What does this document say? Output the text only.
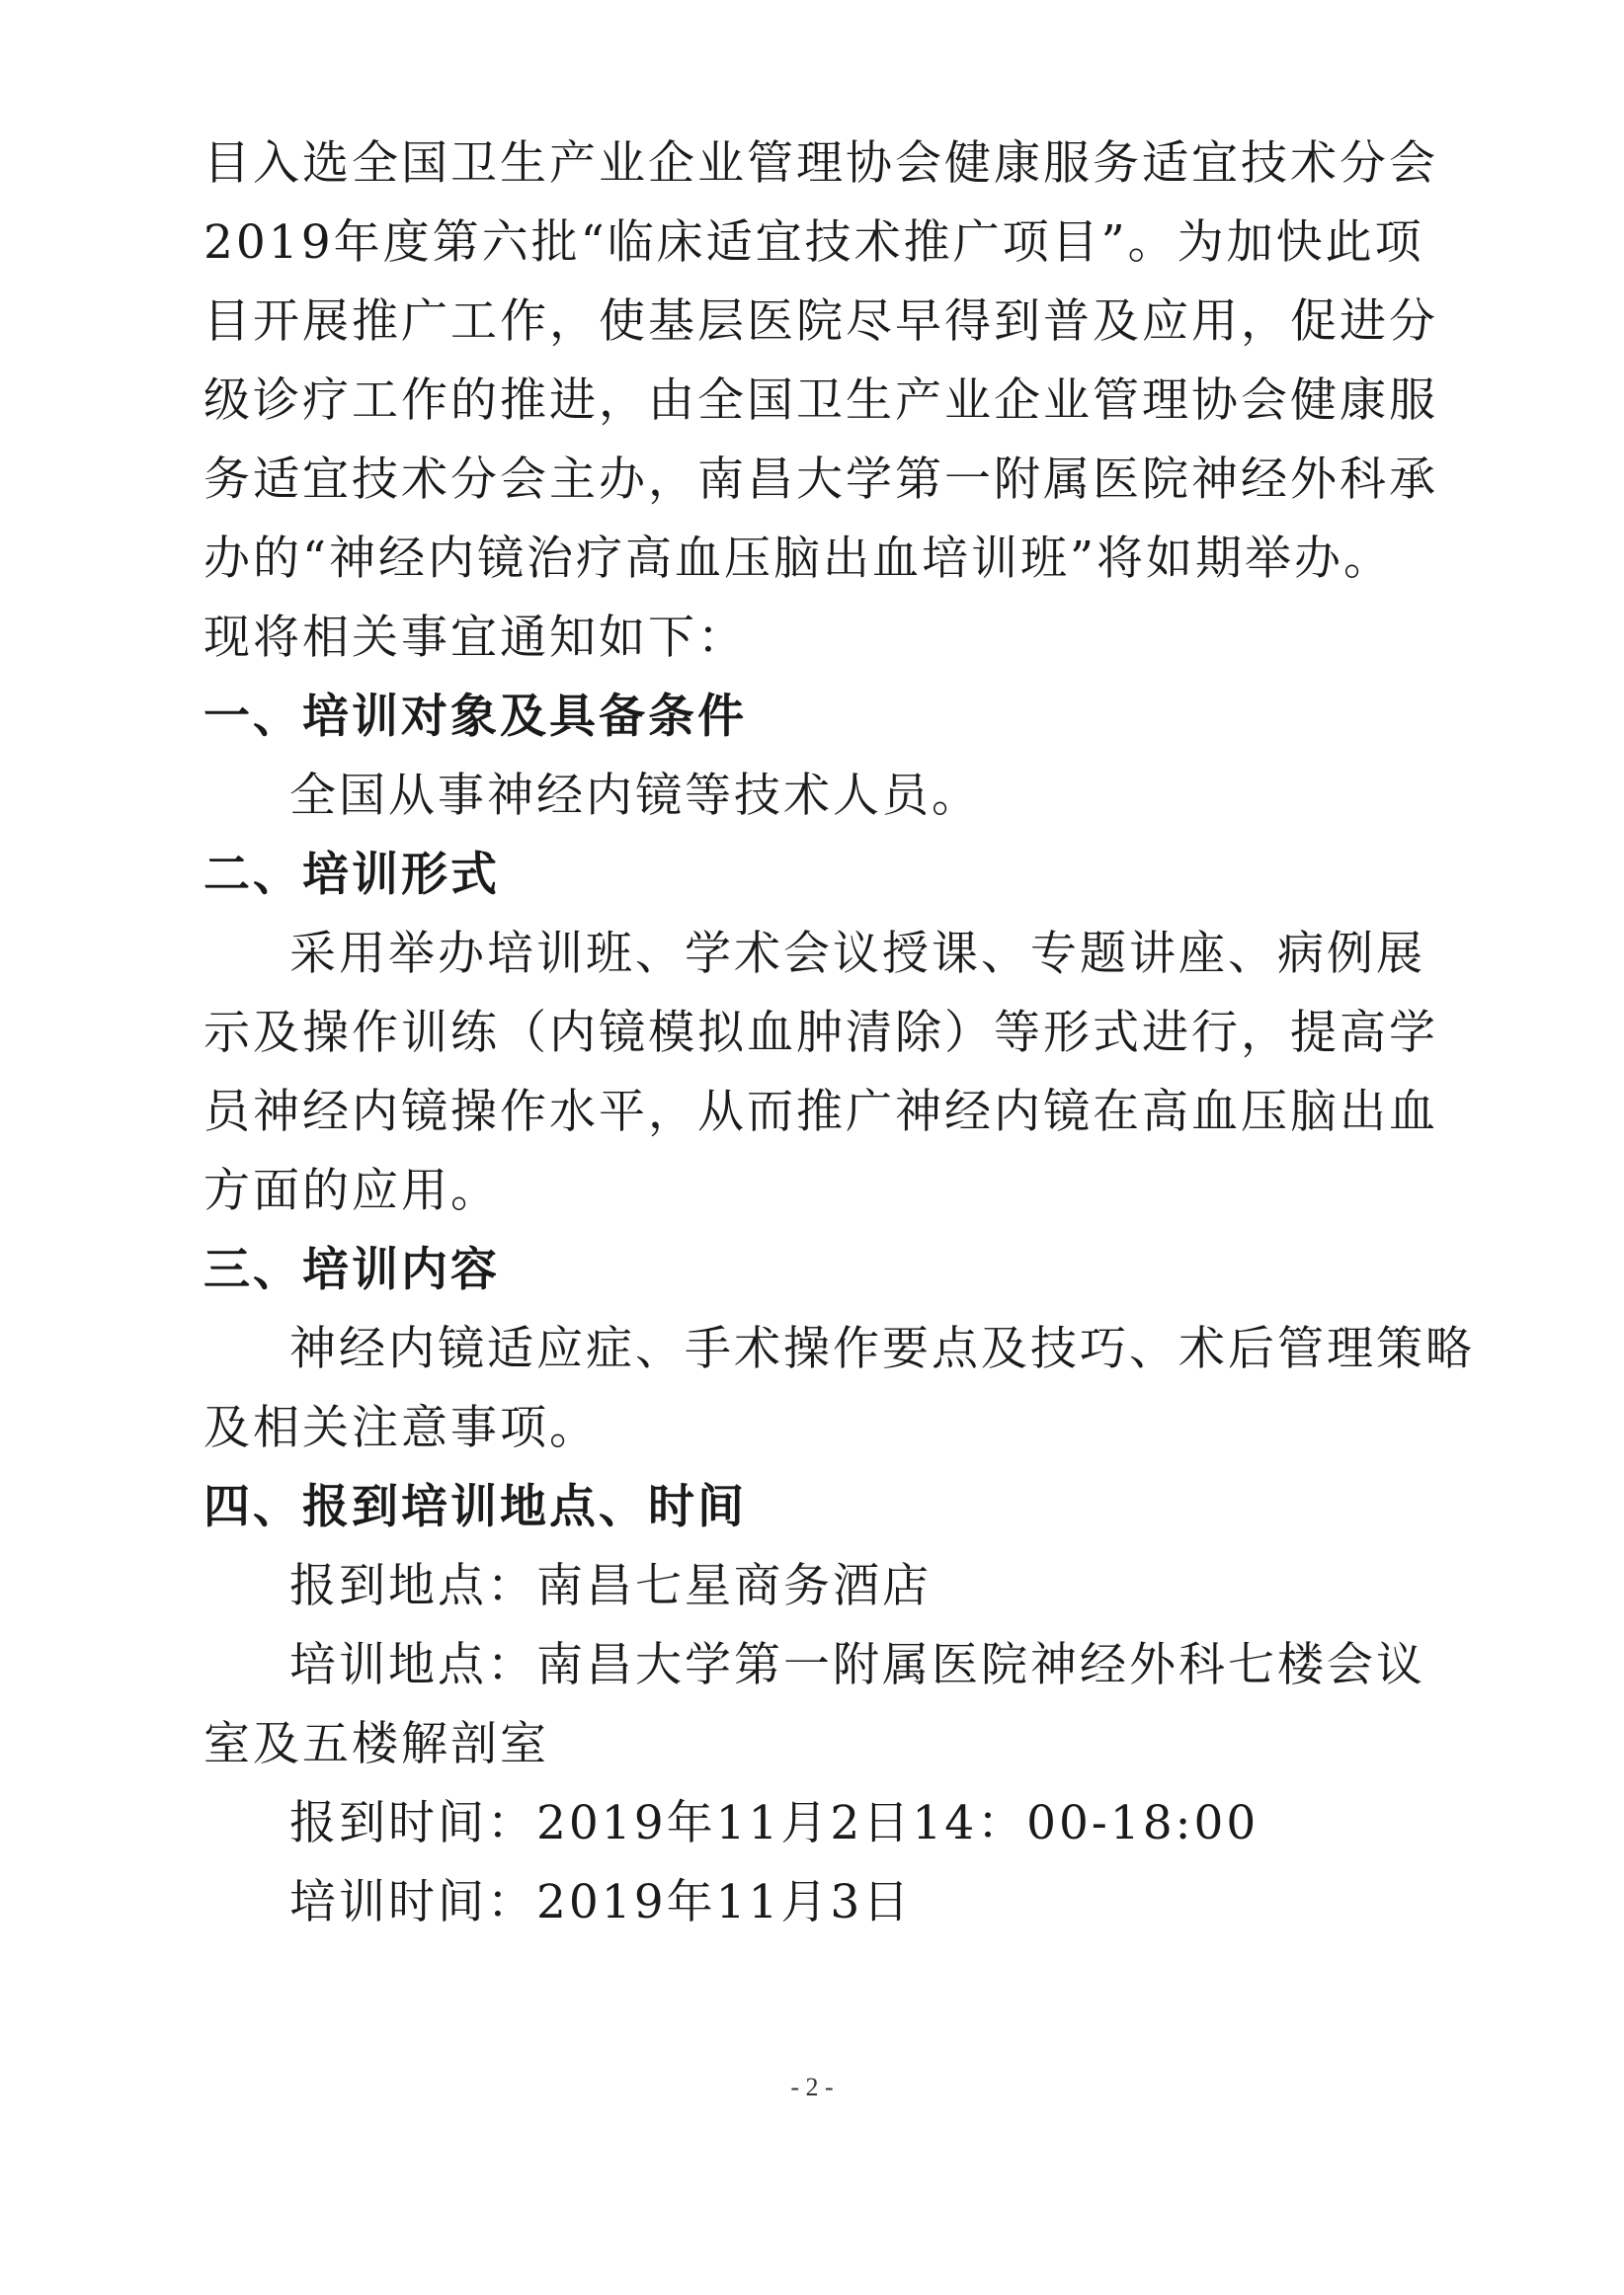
目入选全国卫生产业企业管理协会健康服务适宜技术分会
2019年度第六批“临床适宜技术推广项目”。为加快此项
目开展推广工作，使基层医院尽早得到普及应用，促进分
级诊疗工作的推进，由全国卫生产业企业管理协会健康服
务适宜技术分会主办，南昌大学第一附属医院神经外科承
办的“神经内镜治疗高血压脑出血培训班”将如期举办。
现将相关事宜通知如下：
一、培训对象及具备条件
全国从事神经内镜等技术人员。
二、培训形式
采用举办培训班、学术会议授课、专题讲座、病例展
示及操作训练（内镜模拟血肿清除）等形式进行，提高学
员神经内镜操作水平，从而推广神经内镜在高血压脑出血
方面的应用。
三、培训内容
神经内镜适应症、手术操作要点及技巧、术后管理策略
及相关注意事项。
四、报到培训地点、时间
报到地点：南昌七星商务酒店
培训地点：南昌大学第一附属医院神经外科七楼会议
室及五楼解剖室
报到时间：2019年11月2日14：00-18:00
培训时间：2019年11月3日
- 2 -
